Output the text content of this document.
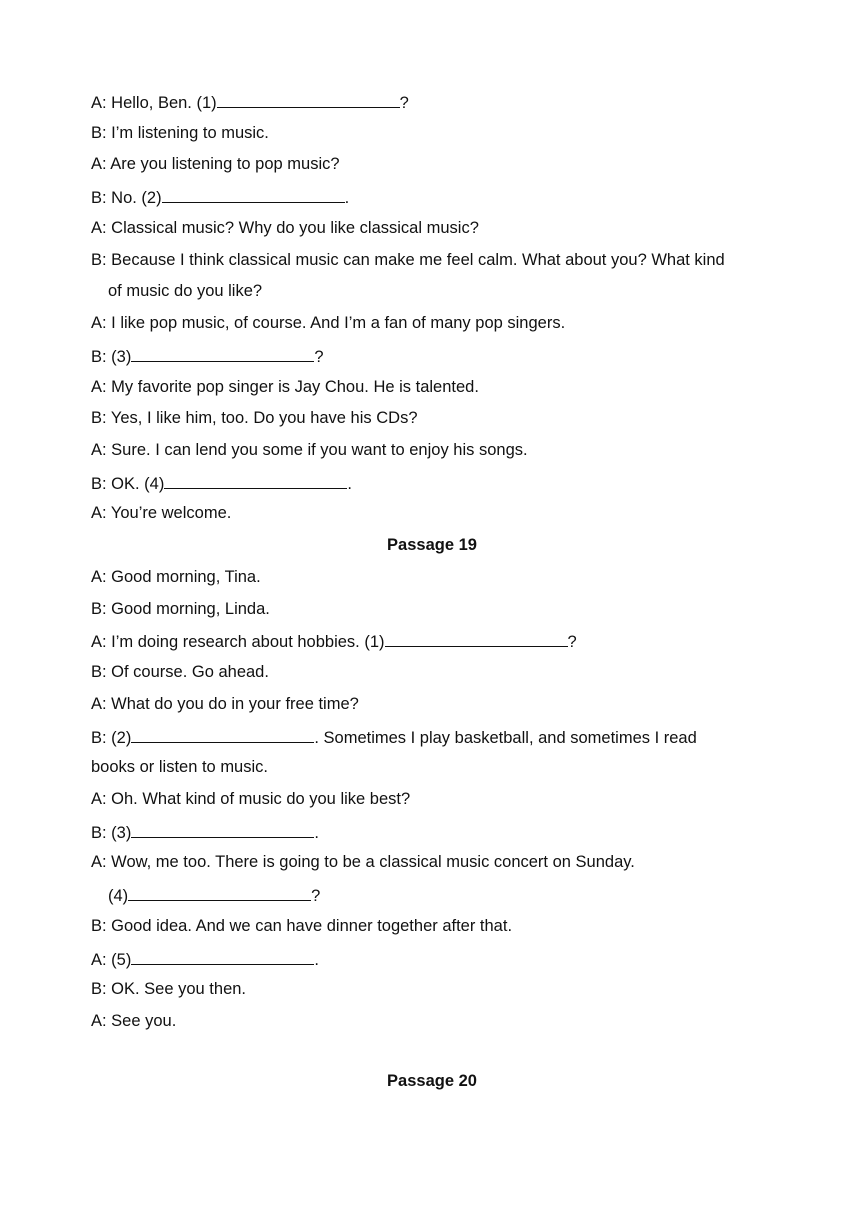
A: Hello, Ben. (1)	?
B: I’m listening to music.
A: Are you listening to pop music?
B: No. (2)	.
A: Classical music? Why do you like classical music?
B: Because I think classical music can make me feel calm. What about you? What kind
of music do you like?
A: I like pop music, of course. And I’m a fan of many pop singers.
B: (3)	?
A: My favorite pop singer is Jay Chou. He is talented.
B: Yes, I like him, too. Do you have his CDs?
A: Sure. I can lend you some if you want to enjoy his songs.
B: OK. (4)	.
A: You’re welcome.
Passage 19
A: Good morning, Tina.
B: Good morning, Linda.
A: I’m doing research about hobbies. (1)	?
B: Of course. Go ahead.
A: What do you do in your free time?
B: (2)	. Sometimes I play basketball, and sometimes I read
books or listen to music.
A: Oh. What kind of music do you like best?
B: (3)	.
A: Wow, me too. There is going to be a classical music concert on Sunday.
(4)	?
B: Good idea. And we can have dinner together after that.
A: (5)	.
B: OK. See you then.
A: See you.
Passage 20
